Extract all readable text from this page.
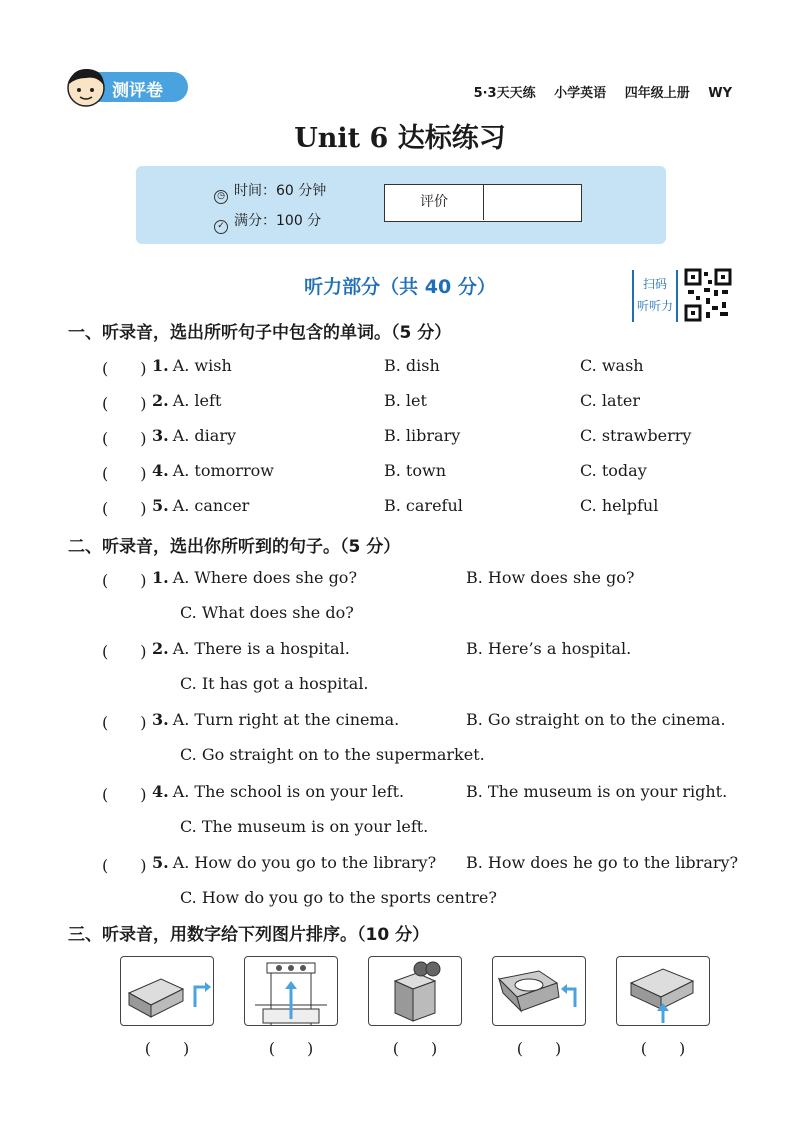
测评卷	5·3天天练 小学英语 四年级上册 WY
Unit 6 达标练习
◷ 时间：60 分钟
✓ 满分：100 分
评价
听力部分（共 40 分）	扫码
听听力
一、听录音，选出所听句子中包含的单词。（5 分）
(　　) 1. A. wish	B. dish	C. wash
(　　) 2. A. left	B. let	C. later
(　　) 3. A. diary	B. library	C. strawberry
(　　) 4. A. tomorrow	B. town	C. today
(　　) 5. A. cancer	B. careful	C. helpful
二、听录音，选出你所听到的句子。（5 分）
(　　) 1. A. Where does she go?	B. How does she go?
C. What does she do?
(　　) 2. A. There is a hospital.	B. Here’s a hospital.
C. It has got a hospital.
(　　) 3. A. Turn right at the cinema.	B. Go straight on to the cinema.
C. Go straight on to the supermarket.
(　　) 4. A. The school is on your left.	B. The museum is on your right.
C. The museum is on your left.
(　　) 5. A. How do you go to the library? B. How does he go to the library?
C. How do you go to the sports centre?
三、听录音，用数字给下列图片排序。（10 分）
(　　)	(　　)	(　　)	(　　)	(　　)
